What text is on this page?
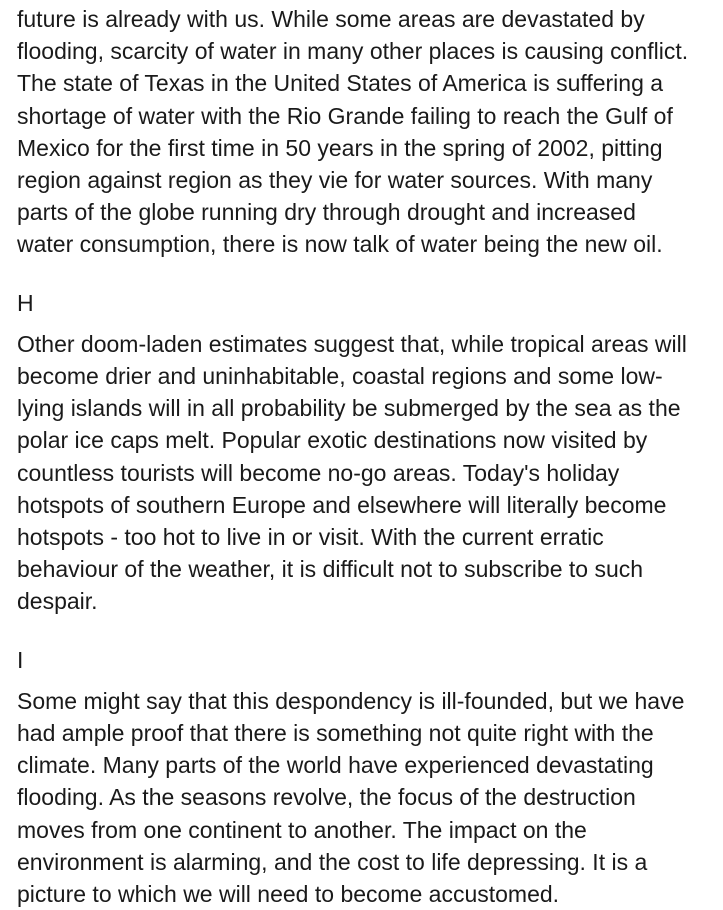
future is already with us. While some areas are devastated by
flooding, scarcity of water in many other places is causing conflict.
The state of Texas in the United States of America is suffering a
shortage of water with the Rio Grande failing to reach the Gulf of
Mexico for the first time in 50 years in the spring of 2002, pitting
region against region as they vie for water sources. With many
parts of the globe running dry through drought and increased
water consumption, there is now talk of water being the new oil.

H

Other doom-laden estimates suggest that, while tropical areas will
become drier and uninhabitable, coastal regions and some low-
lying islands will in all probability be submerged by the sea as the
polar ice caps melt. Popular exotic destinations now visited by
countless tourists will become no-go areas. Today's holiday
hotspots of southern Europe and elsewhere will literally become
hotspots - too hot to live in or visit. With the current erratic
behaviour of the weather, it is difficult not to subscribe to such
despair.

I

Some might say that this despondency is ill-founded, but we have
had ample proof that there is something not quite right with the
climate. Many parts of the world have experienced devastating
flooding. As the seasons revolve, the focus of the destruction
moves from one continent to another. The impact on the
environment is alarming, and the cost to life depressing. It is a
picture to which we will need to become accustomed.
